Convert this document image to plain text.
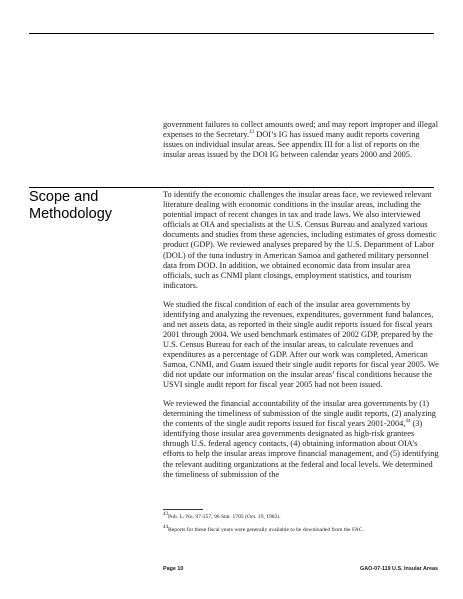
government failures to collect amounts owed; and may report improper and illegal expenses to the Secretary.$^{43}$ DOI’s IG has issued many audit reports covering issues on individual insular areas. See appendix III for a list of reports on the insular areas issued by the DOI IG between calendar years 2000 and 2005.

Scope and Methodology

To identify the economic challenges the insular areas face, we reviewed relevant literature dealing with economic conditions in the insular areas, including the potential impact of recent changes in tax and trade laws. We also interviewed officials at OIA and specialists at the U.S. Census Bureau and analyzed various documents and studies from these agencies, including estimates of gross domestic product (GDP). We reviewed analyses prepared by the U.S. Department of Labor (DOL) of the tuna industry in American Samoa and gathered military personnel data from DOD. In addition, we obtained economic data from insular area officials, such as CNMI plant closings, employment statistics, and tourism indicators.

We studied the fiscal condition of each of the insular area governments by identifying and analyzing the revenues, expenditures, government fund balances, and net assets data, as reported in their single audit reports issued for fiscal years 2001 through 2004. We used benchmark estimates of 2002 GDP, prepared by the U.S. Census Bureau for each of the insular areas, to calculate revenues and expenditures as a percentage of GDP. After our work was completed, American Samoa, CNMI, and Guam issued their single audit reports for fiscal year 2005. We did not update our information on the insular areas’ fiscal conditions because the USVI single audit report for fiscal year 2005 had not been issued.

We reviewed the financial accountability of the insular area governments by (1) determining the timeliness of submission of the single audit reports, (2) analyzing the contents of the single audit reports issued for fiscal years 2001-2004,44 (3) identifying those insular area governments designated as high-risk grantees through U.S. federal agency contacts, (4) obtaining information about OIA’s efforts to help the insular areas improve financial management, and (5) identifying the relevant auditing organizations at the federal and local levels. We determined the timeliness of submission of the

43Pub. L. No. 97-357, 96 Stat. 1705 (Oct. 19, 1982).

44Reports for these fiscal years were generally available to be downloaded from the FAC.

Page 10	GAO-07-119 U.S. Insular Areas
